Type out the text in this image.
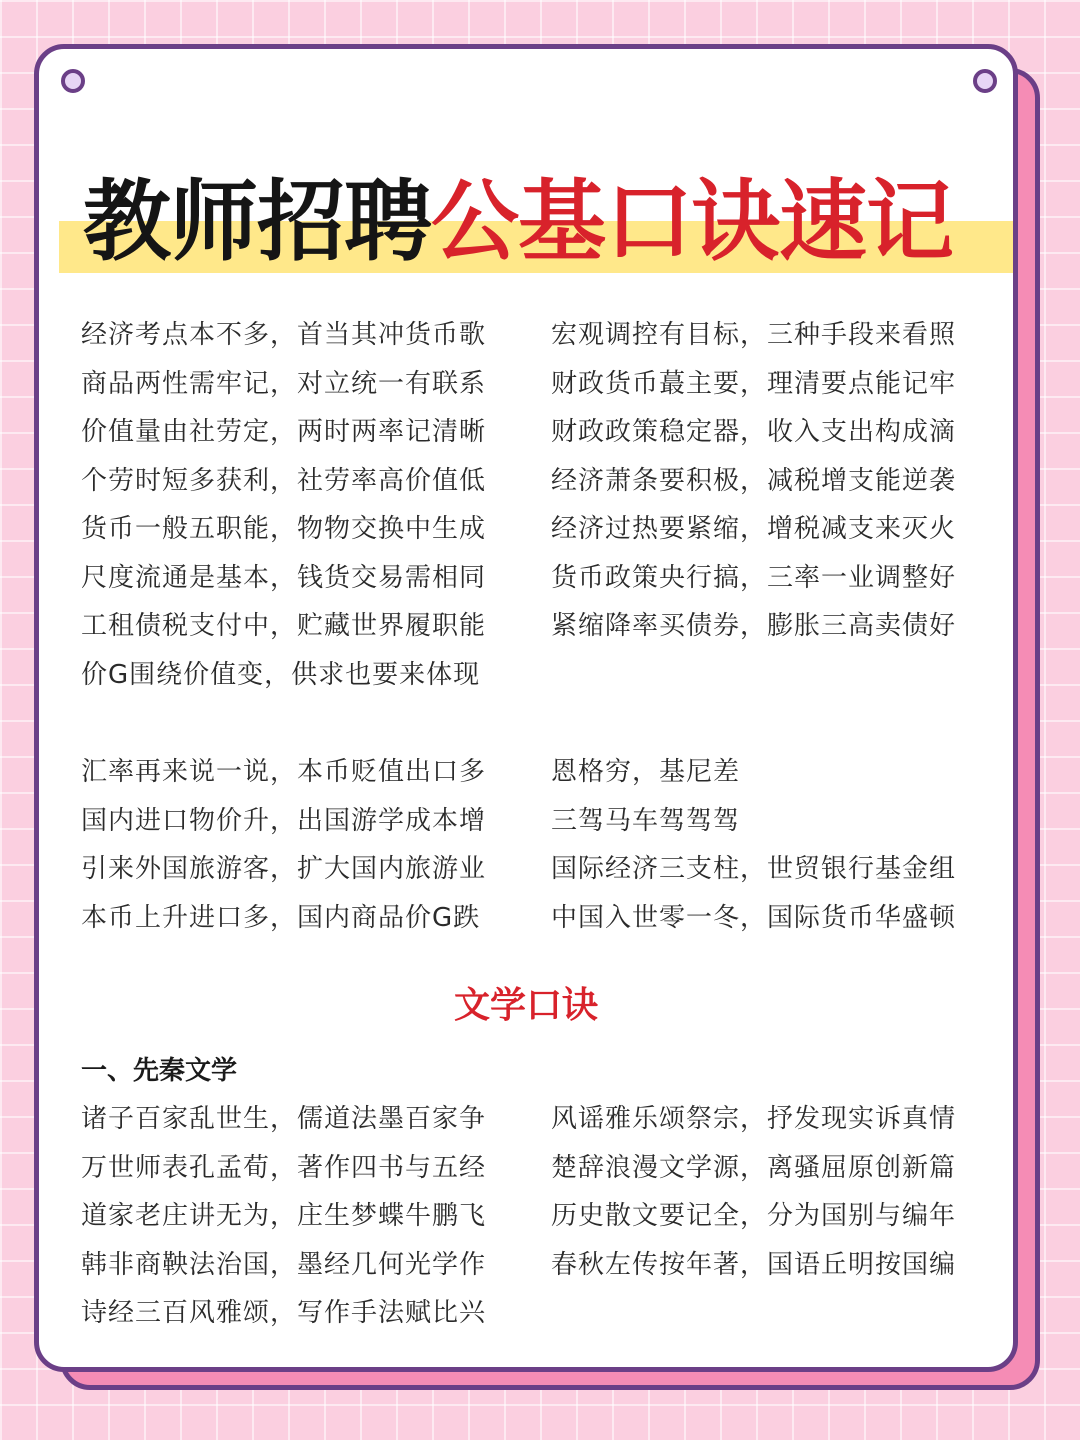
教师招聘公基口诀速记
经济考点本不多，首当其冲货币歌
商品两性需牢记，对立统一有联系
价值量由社劳定，两时两率记清晰
个劳时短多获利，社劳率高价值低
货币一般五职能，物物交换中生成
尺度流通是基本，钱货交易需相同
工租债税支付中，贮藏世界履职能
价G围绕价值变，供求也要来体现
宏观调控有目标，三种手段来看照
财政货币蕞主要，理清要点能记牢
财政政策稳定器，收入支出构成滴
经济萧条要积极，减税增支能逆袭
经济过热要紧缩，增税减支来灭火
货币政策央行搞，三率一业调整好
紧缩降率买债券，膨胀三高卖债好
汇率再来说一说，本币贬值出口多
国内进口物价升，出国游学成本增
引来外国旅游客，扩大国内旅游业
本币上升进口多，国内商品价G跌
恩格穷，基尼差
三驾马车驾驾驾
国际经济三支柱，世贸银行基金组
中国入世零一冬，国际货币华盛顿
文学口诀
一、先秦文学
诸子百家乱世生，儒道法墨百家争
万世师表孔孟荀，著作四书与五经
道家老庄讲无为，庄生梦蝶牛鹏飞
韩非商鞅法治国，墨经几何光学作
诗经三百风雅颂，写作手法赋比兴
风谣雅乐颂祭宗，抒发现实诉真情
楚辞浪漫文学源，离骚屈原创新篇
历史散文要记全，分为国别与编年
春秋左传按年著，国语丘明按国编
